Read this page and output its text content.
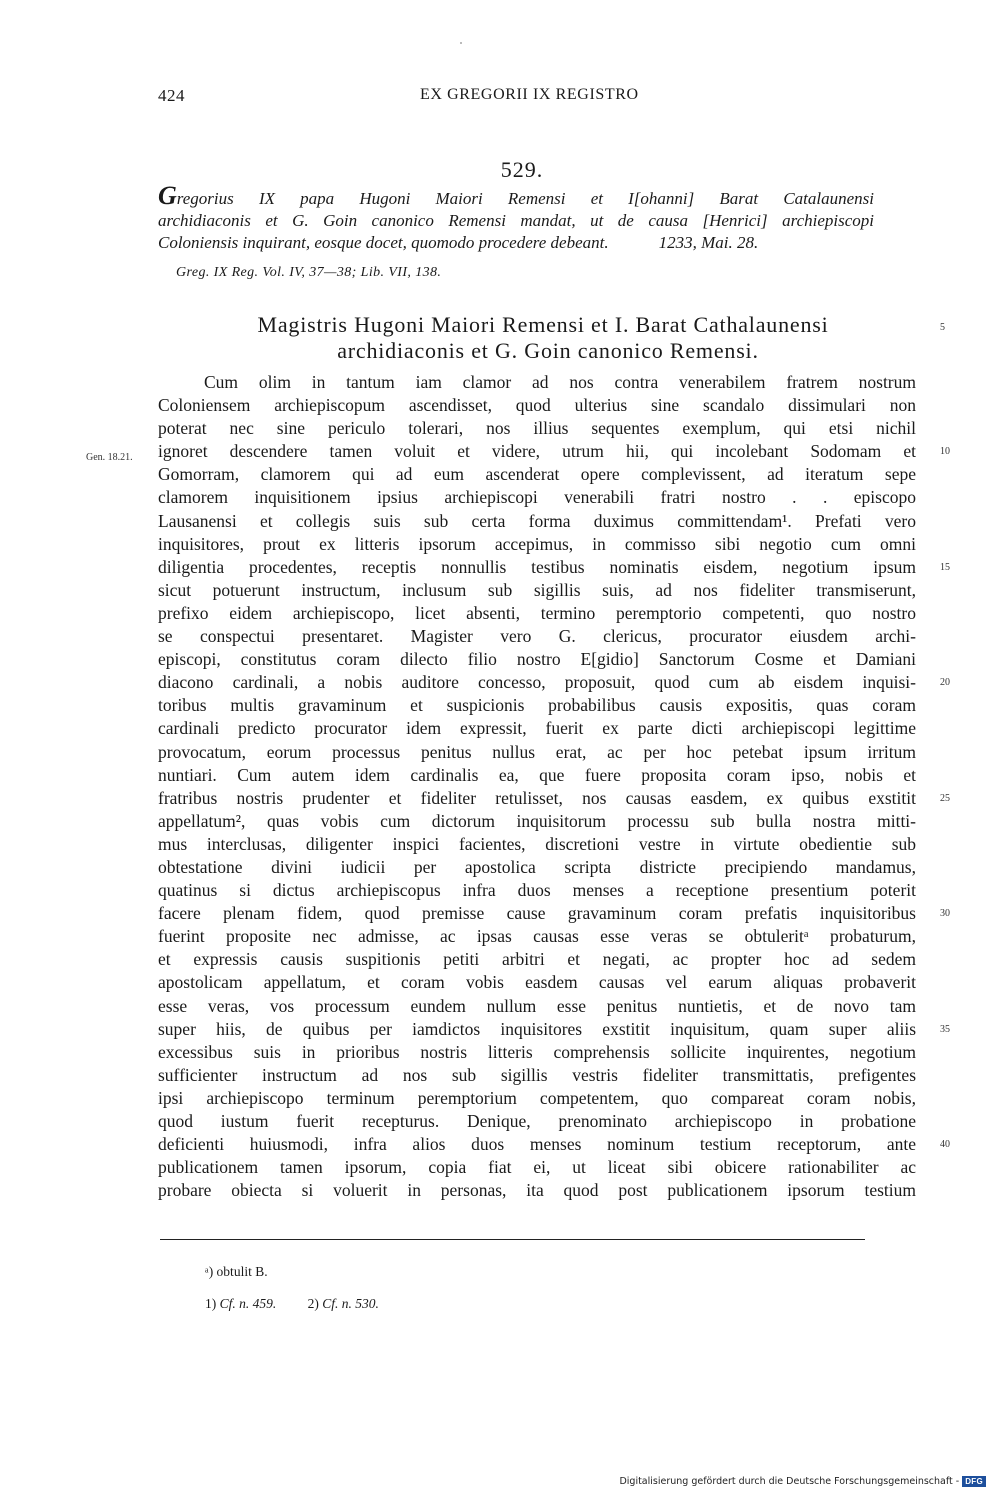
424	EX GREGORII IX REGISTRO
529.
Gregorius IX papa Hugoni Maiori Remensi et I[ohanni] Barat Catalaunensi
archidiaconis et G. Goin canonico Remensi mandat, ut de causa [Henrici] archiepiscopi
Coloniensis inquirant, eosque docet, quomodo procedere debeant.	1233, Mai. 28.
Greg. IX Reg. Vol. IV, 37—38; Lib. VII, 138.
Magistris Hugoni Maiori Remensi et I. Barat Cathalaunensi
archidiaconis et G. Goin canonico Remensi.
Gen. 18.21.
Cum olim in tantum iam clamor ad nos contra venerabilem fratrem nostrum
Coloniensem archiepiscopum ascendisset, quod ulterius sine scandalo dissimulari non
poterat nec sine periculo tolerari, nos illius sequentes exemplum, qui etsi nichil
ignoret descendere tamen voluit et videre, utrum hii, qui incolebant Sodomam et
Gomorram, clamorem qui ad eum ascenderat opere complevissent, ad iteratum sepe
clamorem inquisitionem ipsius archiepiscopi venerabili fratri nostro . . episcopo
Lausanensi et collegis suis sub certa forma duximus committendam¹. Prefati vero
inquisitores, prout ex litteris ipsorum accepimus, in commisso sibi negotio cum omni
diligentia procedentes, receptis nonnullis testibus nominatis eisdem, negotium ipsum
sicut potuerunt instructum, inclusum sub sigillis suis, ad nos fideliter transmiserunt,
prefixo eidem archiepiscopo, licet absenti, termino peremptorio competenti, quo nostro
se conspectui presentaret. Magister vero G. clericus, procurator eiusdem archi-
episcopi, constitutus coram dilecto filio nostro E[gidio] Sanctorum Cosme et Damiani
diacono cardinali, a nobis auditore concesso, proposuit, quod cum ab eisdem inquisi-
toribus multis gravaminum et suspicionis probabilibus causis expositis, quas coram
cardinali predicto procurator idem expressit, fuerit ex parte dicti archiepiscopi legittime
provocatum, eorum processus penitus nullus erat, ac per hoc petebat ipsum irritum
nuntiari. Cum autem idem cardinalis ea, que fuere proposita coram ipso, nobis et
fratribus nostris prudenter et fideliter retulisset, nos causas easdem, ex quibus exstitit
appellatum², quas vobis cum dictorum inquisitorum processu sub bulla nostra mitti-
mus interclusas, diligenter inspici facientes, discretioni vestre in virtute obedientie sub
obtestatione divini iudicii per apostolica scripta districte precipiendo mandamus,
quatinus si dictus archiepiscopus infra duos menses a receptione presentium poterit
facere plenam fidem, quod premisse cause gravaminum coram prefatis inquisitoribus
fuerint proposite nec admisse, ac ipsas causas esse veras se obtuleritᵃ probaturum,
et expressis causis suspitionis petiti arbitri et negati, ac propter hoc ad sedem
apostolicam appellatum, et coram vobis easdem causas vel earum aliquas probaverit
esse veras, vos processum eundem nullum esse penitus nuntietis, et de novo tam
super hiis, de quibus per iamdictos inquisitores exstitit inquisitum, quam super aliis
excessibus suis in prioribus nostris litteris comprehensis sollicite inquirentes, negotium
sufficienter instructum ad nos sub sigillis vestris fideliter transmittatis, prefigentes
ipsi archiepiscopo terminum peremptorium competentem, quo compareat coram nobis,
quod iustum fuerit recepturus. Denique, prenominato archiepiscopo in probatione
deficienti huiusmodi, infra alios duos menses nominum testium receptorum, ante
publicationem tamen ipsorum, copia fiat ei, ut liceat sibi obicere rationabiliter ac
probare obiecta si voluerit in personas, ita quod post publicationem ipsorum testium
5
10
15
20
25
30
35
40
ᵃ) obtulit B.
1) Cf. n. 459. 2) Cf. n. 530.
Digitalisierung gefördert durch die Deutsche Forschungsgemeinschaft - DFG
